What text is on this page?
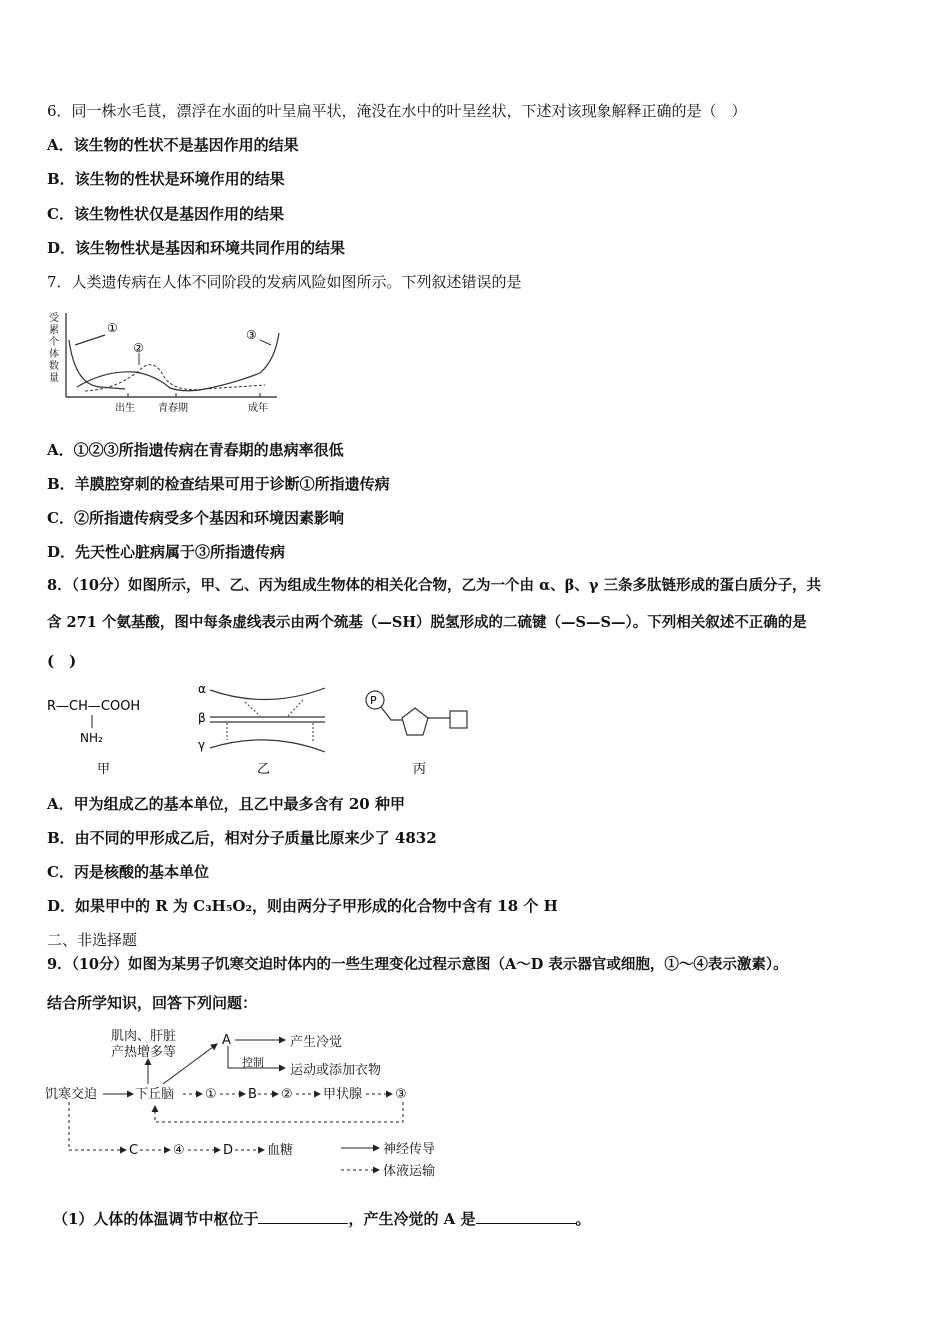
6．同一株水毛茛，漂浮在水面的叶呈扁平状，淹没在水中的叶呈丝状，下述对该现象解释正确的是（　）
A．该生物的性状不是基因作用的结果
B．该生物的性状是环境作用的结果
C．该生物性状仅是基因作用的结果
D．该生物性状是基因和环境共同作用的结果
7．人类遗传病在人体不同阶段的发病风险如图所示。下列叙述错误的是
受
累
个
体
数
量
①
②
③
出生 青春期	成年
A．①②③所指遗传病在青春期的患病率很低
B．羊膜腔穿刺的检查结果可用于诊断①所指遗传病
C．②所指遗传病受多个基因和环境因素影响
D．先天性心脏病属于③所指遗传病
8．（10分）如图所示，甲、乙、丙为组成生物体的相关化合物，乙为一个由 α、β、γ 三条多肽链形成的蛋白质分子，共
含 271 个氨基酸，图中每条虚线表示由两个巯基（—SH）脱氢形成的二硫键（—S—S—）。下列相关叙述不正确的是
(　)
R—CH—COOH
NH₂
甲
α
β
γ
乙
P
丙
A．甲为组成乙的基本单位，且乙中最多含有 20 种甲
B．由不同的甲形成乙后，相对分子质量比原来少了 4832
C．丙是核酸的基本单位
D．如果甲中的 R 为 C₃H₅O₂，则由两分子甲形成的化合物中含有 18 个 H
二、非选择题
9．（10分）如图为某男子饥寒交迫时体内的一些生理变化过程示意图（A～D 表示器官或细胞，①～④表示激素）。
结合所学知识，回答下列问题：
肌肉、肝脏
产热增多等
A	产生冷觉
控制
运动或添加衣物
饥寒交迫	下丘脑 ① B ② 甲状腺	③
C	④	D	血糖	神经传导
体液运输
（1）人体的体温调节中枢位于	，产生冷觉的 A 是	。
